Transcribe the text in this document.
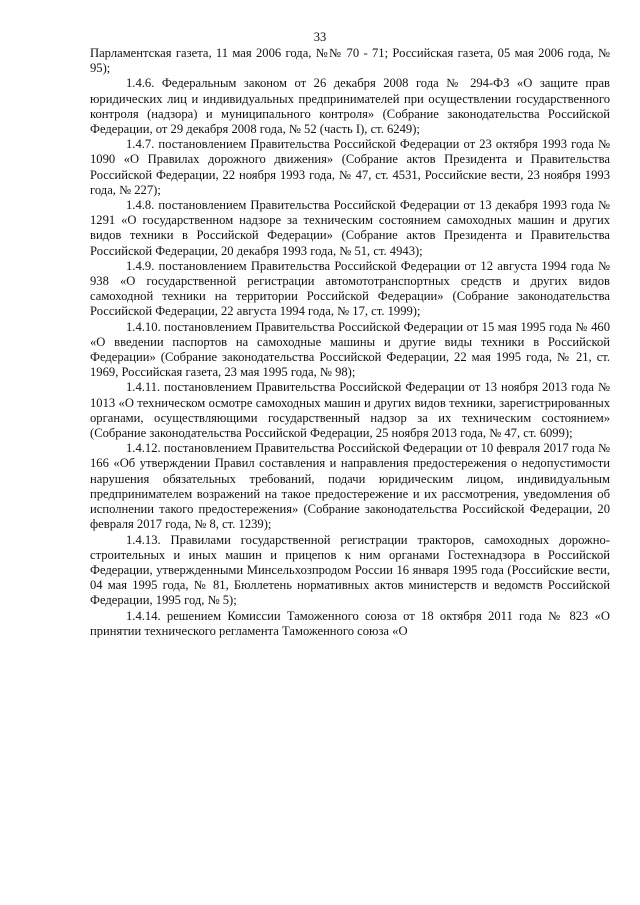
33

Парламентская газета, 11 мая 2006 года, №№ 70 - 71; Российская газета, 05 мая 2006 года, № 95);

1.4.6. Федеральным законом от 26 декабря 2008 года № 294-ФЗ «О защите прав юридических лиц и индивидуальных предпринимателей при осуществлении государственного контроля (надзора) и муниципального контроля» (Собрание законодательства Российской Федерации, от 29 декабря 2008 года, № 52 (часть I), ст. 6249);

1.4.7. постановлением Правительства Российской Федерации от 23 октября 1993 года № 1090 «О Правилах дорожного движения» (Собрание актов Президента и Правительства Российской Федерации, 22 ноября 1993 года, № 47, ст. 4531, Российские вести, 23 ноября 1993 года, № 227);

1.4.8. постановлением Правительства Российской Федерации от 13 декабря 1993 года № 1291 «О государственном надзоре за техническим состоянием самоходных машин и других видов техники в Российской Федерации» (Собрание актов Президента и Правительства Российской Федерации, 20 декабря 1993 года, № 51, ст. 4943);

1.4.9. постановлением Правительства Российской Федерации от 12 августа 1994 года № 938 «О государственной регистрации автомототранспортных средств и других видов самоходной техники на территории Российской Федерации» (Собрание законодательства Российской Федерации, 22 августа 1994 года, № 17, ст. 1999);

1.4.10. постановлением Правительства Российской Федерации от 15 мая 1995 года № 460 «О введении паспортов на самоходные машины и другие виды техники в Российской Федерации» (Собрание законодательства Российской Федерации, 22 мая 1995 года, № 21, ст. 1969, Российская газета, 23 мая 1995 года, № 98);

1.4.11. постановлением Правительства Российской Федерации от 13 ноября 2013 года № 1013 «О техническом осмотре самоходных машин и других видов техники, зарегистрированных органами, осуществляющими государственный надзор за их техническим состоянием» (Собрание законодательства Российской Федерации, 25 ноября 2013 года, № 47, ст. 6099);

1.4.12. постановлением Правительства Российской Федерации от 10 февраля 2017 года № 166 «Об утверждении Правил составления и направления предостережения о недопустимости нарушения обязательных требований, подачи юридическим лицом, индивидуальным предпринимателем возражений на такое предостережение и их рассмотрения, уведомления об исполнении такого предостережения» (Собрание законодательства Российской Федерации, 20 февраля 2017 года, № 8, ст. 1239);

1.4.13. Правилами государственной регистрации тракторов, самоходных дорожно-строительных и иных машин и прицепов к ним органами Гостехнадзора в Российской Федерации, утвержденными Минсельхозпродом России 16 января 1995 года (Российские вести, 04 мая 1995 года, № 81, Бюллетень нормативных актов министерств и ведомств Российской Федерации, 1995 год, № 5);

1.4.14. решением Комиссии Таможенного союза от 18 октября 2011 года № 823 «О принятии технического регламента Таможенного союза «О
